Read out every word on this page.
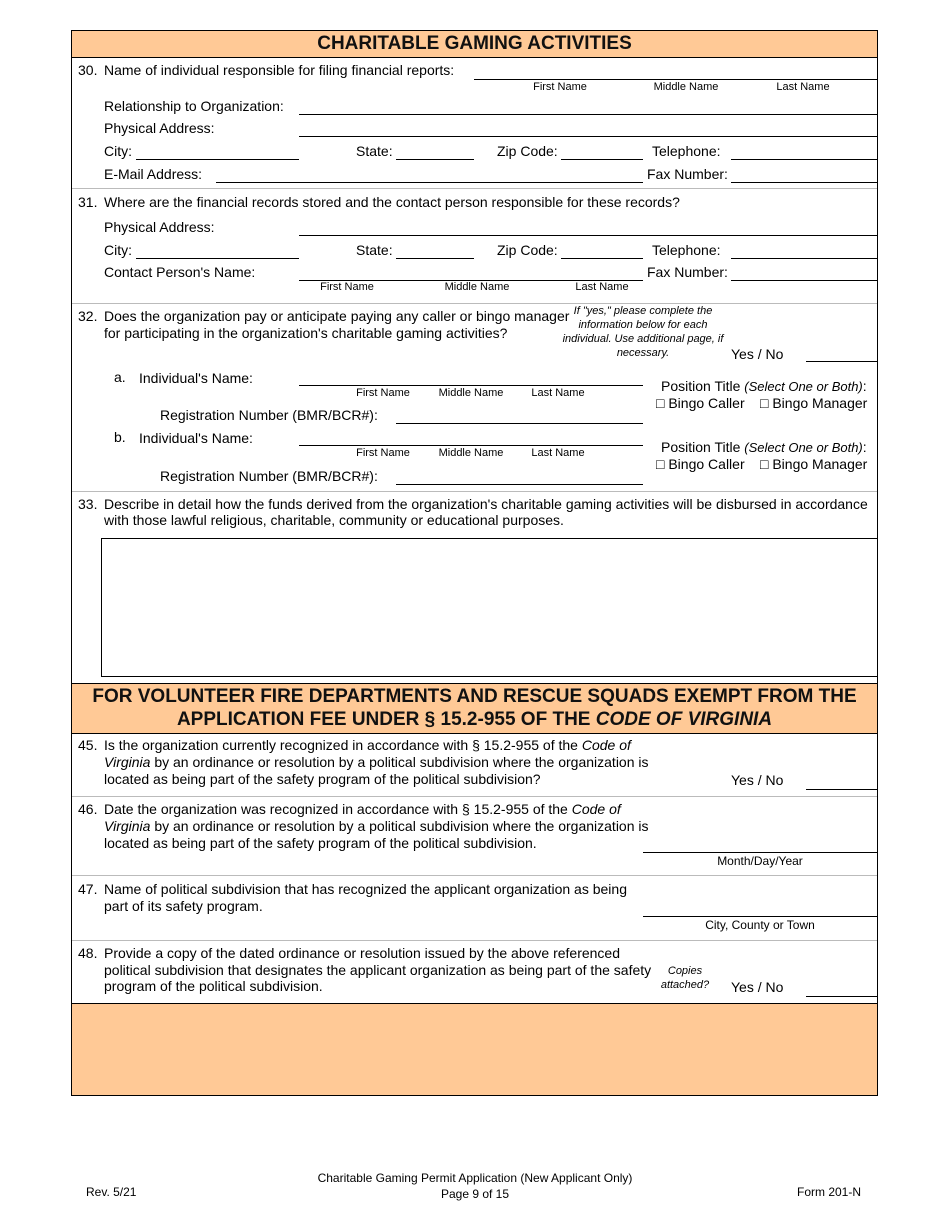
CHARITABLE GAMING ACTIVITIES
30. Name of individual responsible for filing financial reports:
First Name	Middle Name	Last Name
Relationship to Organization:
Physical Address:
City:	State:	Zip Code:	Telephone:
E-Mail Address:	Fax Number:
31. Where are the financial records stored and the contact person responsible for these records?
Physical Address:
City:	State:	Zip Code:	Telephone:
Contact Person's Name:	Fax Number:
First Name	Middle Name	Last Name
32. Does the organization pay or anticipate paying any caller or bingo manager
for participating in the organization's charitable gaming activities?
If "yes," please complete the
information below for each
individual. Use additional page, if
necessary.	Yes / No
a. Individual's Name:
First Name	Middle Name	Last Name	Position Title (Select One or Both):
□ Bingo Caller □ Bingo Manager
Registration Number (BMR/BCR#):
b. Individual's Name:
First Name	Middle Name	Last Name	Position Title (Select One or Both):
□ Bingo Caller □ Bingo Manager
Registration Number (BMR/BCR#):
33. Describe in detail how the funds derived from the organization's charitable gaming activities will be disbursed in accordance
with those lawful religious, charitable, community or educational purposes.
FOR VOLUNTEER FIRE DEPARTMENTS AND RESCUE SQUADS EXEMPT FROM THE
APPLICATION FEE UNDER § 15.2-955 OF THE CODE OF VIRGINIA
45. Is the organization currently recognized in accordance with § 15.2-955 of the Code of
Virginia by an ordinance or resolution by a political subdivision where the organization is
located as being part of the safety program of the political subdivision?	Yes / No
46. Date the organization was recognized in accordance with § 15.2-955 of the Code of
Virginia by an ordinance or resolution by a political subdivision where the organization is
located as being part of the safety program of the political subdivision.
Month/Day/Year
47. Name of political subdivision that has recognized the applicant organization as being
part of its safety program.
City, County or Town
48. Provide a copy of the dated ordinance or resolution issued by the above referenced
political subdivision that designates the applicant organization as being part of the safety
program of the political subdivision.
Copies
attached?	Yes / No
Rev. 5/21
Charitable Gaming Permit Application (New Applicant Only)
Page 9 of 15	Form 201-N
